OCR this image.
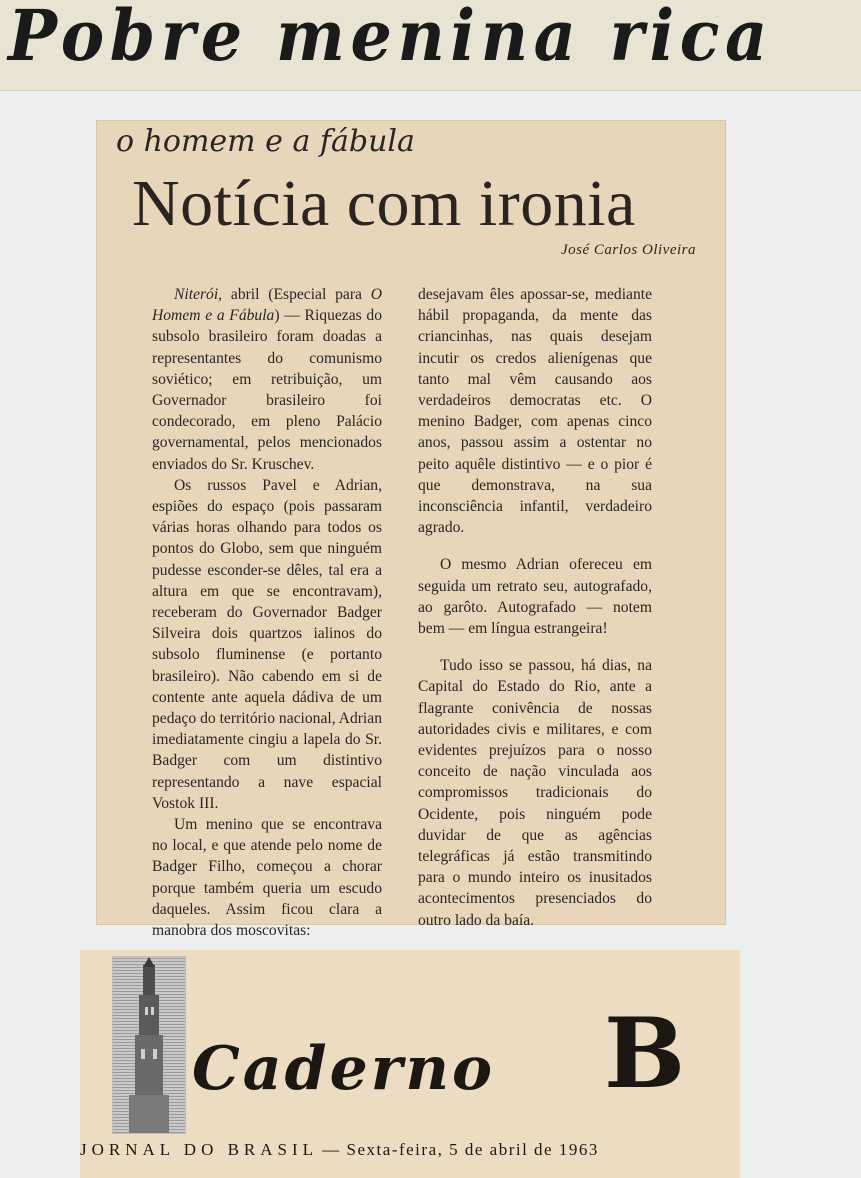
Pobre menina rica
o homem e a fábula
Notícia com ironia
José Carlos Oliveira

Niterói, abril (Especial para O Homem e a Fábula) — Riquezas do subsolo brasileiro foram doadas a representantes do comunismo soviético; em retribuição, um Governador brasileiro foi condecorado, em pleno Palácio governamental, pelos mencionados enviados do Sr. Kruschev.

Os russos Pavel e Adrian, espiões do espaço (pois passaram várias horas olhando para todos os pontos do Globo, sem que ninguém pudesse esconder-se dêles, tal era a altura em que se encontravam), receberam do Governador Badger Silveira dois quartzos ialinos do subsolo fluminense (e portanto brasileiro). Não cabendo em si de contente ante aquela dádiva de um pedaço do território nacional, Adrian imediatamente cingiu a lapela do Sr. Badger com um distintivo representando a nave espacial Vostok III.

Um menino que se encontrava no local, e que atende pelo nome de Badger Filho, começou a chorar porque também queria um escudo daqueles. Assim ficou clara a manobra dos moscovitas:

desejavam êles apossar-se, mediante hábil propaganda, da mente das criancinhas, nas quais desejam incutir os credos alienígenas que tanto mal vêm causando aos verdadeiros democratas etc. O menino Badger, com apenas cinco anos, passou assim a ostentar no peito aquêle distintivo — e o pior é que demonstrava, na sua inconsciência infantil, verdadeiro agrado.

O mesmo Adrian ofereceu em seguida um retrato seu, autografado, ao garôto. Autografado — notem bem — em língua estrangeira!

Tudo isso se passou, há dias, na Capital do Estado do Rio, ante a flagrante conivência de nossas autoridades civis e militares, e com evidentes prejuízos para o nosso conceito de nação vinculada aos compromissos tradicionais do Ocidente, pois ninguém pode duvidar de que as agências telegráficas já estão transmitindo para o mundo inteiro os inusitados acontecimentos presenciados do outro lado da baía.

Caderno B
JORNAL DO BRASIL — Sexta-feira, 5 de abril de 1963
